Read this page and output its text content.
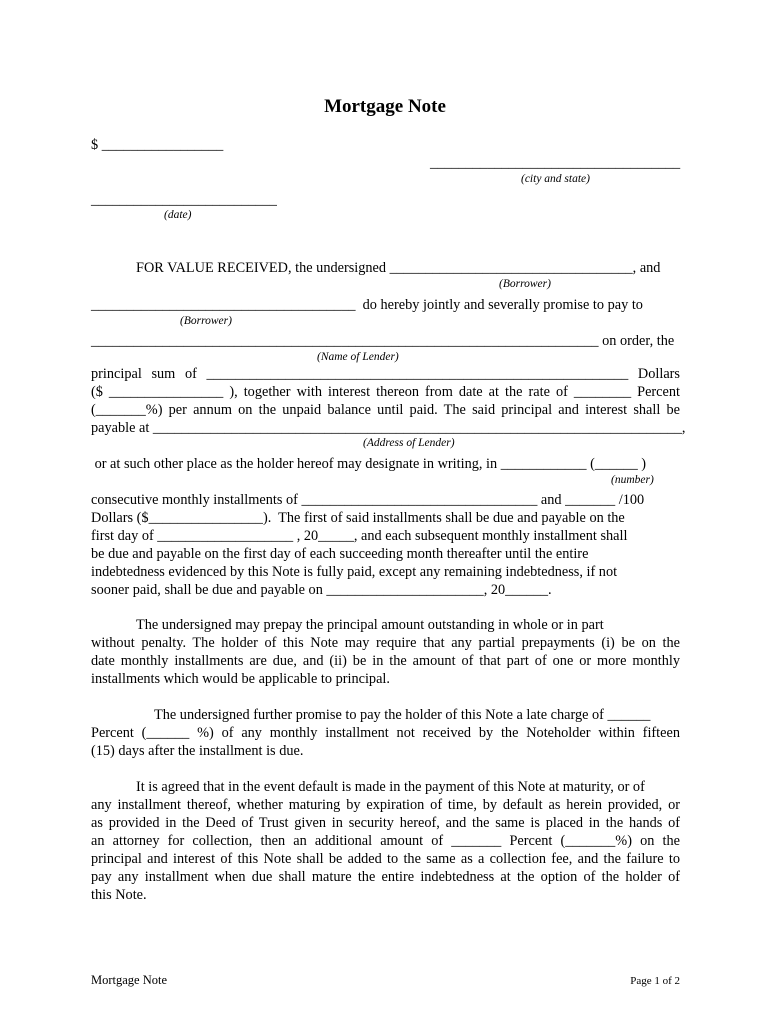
Mortgage Note
$ _________________
___________________________________
(city and state)
__________________________
(date)
FOR VALUE RECEIVED, the undersigned __________________________________, and
(Borrower)
_____________________________________  do hereby jointly and severally promise to pay to
(Borrower)
_______________________________________________________________________ on order, the
(Name of Lender)
principal sum of ___________________________________________________________ Dollars
($ ________________ ), together with interest thereon from date at the rate of ________ Percent
(_______%) per annum on the unpaid balance until paid. The said principal and interest shall be
payable at __________________________________________________________________________,
(Address of Lender)
or at such other place as the holder hereof may designate in writing, in ____________ (______ )
(number)
consecutive monthly installments of _________________________________ and _______ /100
Dollars ($________________).  The first of said installments shall be due and payable on the
first day of ___________________ , 20_____, and each subsequent monthly installment shall
be due and payable on the first day of each succeeding month thereafter until the entire
indebtedness evidenced by this Note is fully paid, except any remaining indebtedness, if not
sooner paid, shall be due and payable on ______________________, 20______.
The undersigned may prepay the principal amount outstanding in whole or in part
without penalty. The holder of this Note may require that any partial prepayments (i) be on the
date monthly installments are due, and (ii) be in the amount of that part of one or more monthly
installments which would be applicable to principal.
The undersigned further promise to pay the holder of this Note a late charge of ______
Percent (______ %) of any monthly installment not received by the Noteholder within fifteen
(15) days after the installment is due.
It is agreed that in the event default is made in the payment of this Note at maturity, or of
any installment thereof, whether maturing by expiration of time, by default as herein provided, or
as provided in the Deed of Trust given in security hereof, and the same is placed in the hands of
an attorney for collection, then an additional amount of _______ Percent (_______%) on the
principal and interest of this Note shall be added to the same as a collection fee, and the failure to
pay any installment when due shall mature the entire indebtedness at the option of the holder of
this Note.
Mortgage Note	Page 1 of 2
